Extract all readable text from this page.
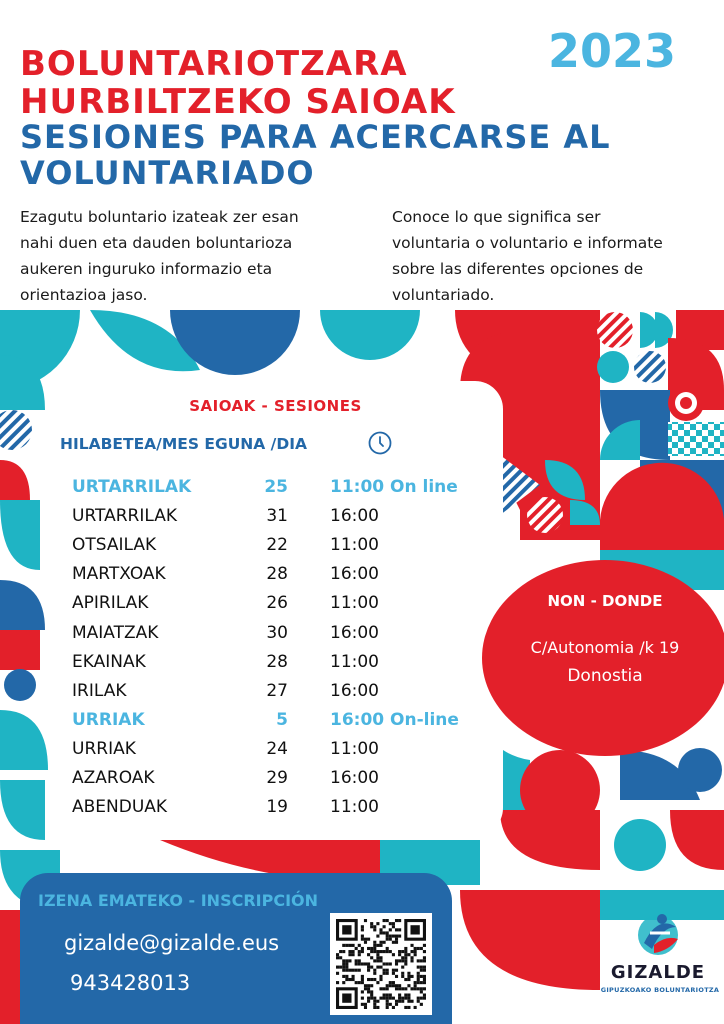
BOLUNTARIOTZARA
HURBILTZEKO SAIOAK
SESIONES PARA ACERCARSE AL
VOLUNTARIADO
2023
Ezagutu boluntario izateak zer esan
nahi duen eta dauden boluntarioza
aukeren inguruko informazio eta
orientazioa jaso.
Conoce lo que significa ser
voluntaria o voluntario e informate
sobre las diferentes opciones de
voluntariado.
SAIOAK - SESIONES
HILABETEA/MES EGUNA /DIA
URTARRILAK	25 11:00 On line
URTARRILAK	31 16:00
OTSAILAK	22 11:00
MARTXOAK	28 16:00
APIRILAK	26 11:00
MAIATZAK	30 16:00
EKAINAK	28 11:00
IRILAK	27 16:00
URRIAK	5 16:00 On-line
URRIAK	24 11:00
AZAROAK	29 16:00
ABENDUAK	19 11:00
NON - DONDE
C/Autonomia /k 19
Donostia
IZENA EMATEKO - INSCRIPCIÓN
gizalde@gizalde.eus
943428013	GIZALDE
GIPUZKOAKO BOLUNTARIOTZA
